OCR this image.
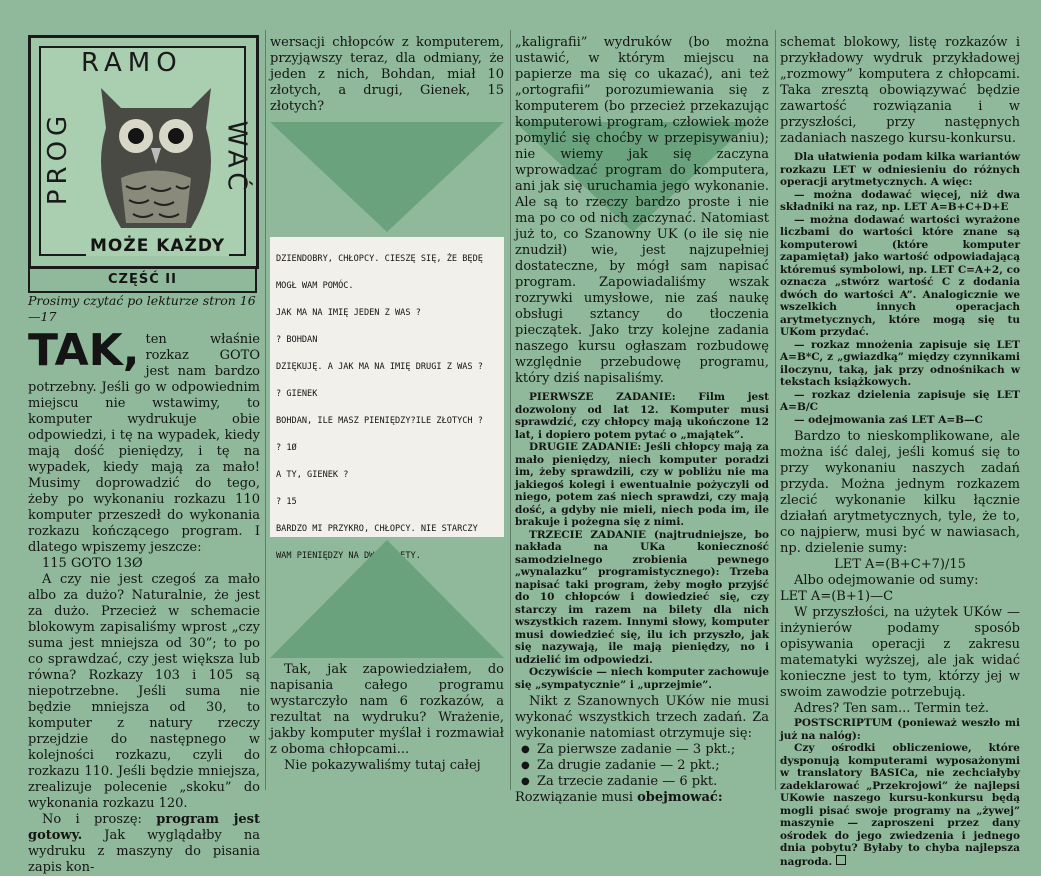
RAMO
PROG	WAĆ
MOŻE KAŻDY
CZĘŚĆ II
Prosimy czytać po lekturze stron 16—17

TAK, ten właśnie rozkaz GOTO jest nam bardzo potrzebny. Jeśli go w odpowiednim miejscu nie wstawimy, to komputer wydrukuje obie odpowiedzi, i tę na wypadek, kiedy mają dość pieniędzy, i tę na wypadek, kiedy mają za mało! Musimy doprowadzić do tego, żeby po wykonaniu rozkazu 110 komputer przeszedł do wykonania rozkazu kończącego program. I dlatego wpiszemy jeszcze:

115 GOTO 13Ø

A czy nie jest czegoś za mało albo za dużo? Naturalnie, że jest za dużo. Przecież w schemacie blokowym zapisaliśmy wprost „czy suma jest mniejsza od 30”; to po co sprawdzać, czy jest większa lub równa? Rozkazy 103 i 105 są niepotrzebne. Jeśli suma nie będzie mniejsza od 30, to komputer z natury rzeczy przejdzie do następnego w kolejności rozkazu, czyli do rozkazu 110. Jeśli będzie mniejsza, zrealizuje polecenie „skoku” do wykonania rozkazu 120.

No i proszę: program jest gotowy. Jak wyglądałby na wydruku z maszyny do pisania zapis kon-

wersacji chłopców z komputerem, przyjąwszy teraz, dla odmiany, że jeden z nich, Bohdan, miał 10 złotych, a drugi, Gienek, 15 złotych?

DZIENDOBRY, CHŁOPCY. CIESZĘ SIĘ, ŻE BĘDĘ
MOGŁ WAM POMÓC.
JAK MA NA IMIĘ JEDEN Z WAS ?
? BOHDAN
DZIĘKUJĘ. A JAK MA NA IMIĘ DRUGI Z WAS ?
? GIENEK
BOHDAN, ILE MASZ PIENIĘDZY?ILE ZŁOTYCH ?
? 1Ø
A TY, GIENEK ?
? 15
BARDZO MI PRZYKRO, CHŁOPCY. NIE STARCZY
WAM PIENIĘDZY NA DWA BILETY.

Tak, jak zapowiedziałem, do napisania całego programu wystarczyło nam 6 rozkazów, a rezultat na wydruku? Wrażenie, jakby komputer myślał i rozmawiał z oboma chłopcami...

Nie pokazywaliśmy tutaj całej

„kaligrafii” wydruków (bo można ustawić, w którym miejscu na papierze ma się co ukazać), ani też „ortografii” porozumiewania się z komputerem (bo przecież przekazując komputerowi program, człowiek może pomylić się choćby w przepisywaniu); nie wiemy jak się zaczyna wprowadzać program do komputera, ani jak się uruchamia jego wykonanie. Ale są to rzeczy bardzo proste i nie ma po co od nich zaczynać. Natomiast już to, co Szanowny UK (o ile się nie znudził) wie, jest najzupełniej dostateczne, by mógł sam napisać program. Zapowiadaliśmy wszak rozrywki umysłowe, nie zaś naukę obsługi sztancy do tłoczenia pieczątek. Jako trzy kolejne zadania naszego kursu ogłaszam rozbudowę względnie przebudowę programu, który dziś napisaliśmy.

PIERWSZE ZADANIE: Film jest dozwolony od lat 12. Komputer musi sprawdzić, czy chłopcy mają ukończone 12 lat, i dopiero potem pytać o „majątek”.

DRUGIE ZADANIE: Jeśli chłopcy mają za mało pieniędzy, niech komputer poradzi im, żeby sprawdzili, czy w pobliżu nie ma jakiegoś kolegi i ewentualnie pożyczyli od niego, potem zaś niech sprawdzi, czy mają dość, a gdyby nie mieli, niech poda im, ile brakuje i pożegna się z nimi.

TRZECIE ZADANIE (najtrudniejsze, bo nakłada na UKa konieczność samodzielnego zrobienia pewnego „wynalazku” programistycznego): Trzeba napisać taki program, żeby mogło przyjść do 10 chłopców i dowiedzieć się, czy starczy im razem na bilety dla nich wszystkich razem. Innymi słowy, komputer musi dowiedzieć się, ilu ich przyszło, jak się nazywają, ile mają pieniędzy, no i udzielić im odpowiedzi.

Oczywiście — niech komputer zachowuje się „sympatycznie” i „uprzejmie”.

Nikt z Szanownych UKów nie musi wykonać wszystkich trzech zadań. Za wykonanie natomiast otrzymuje się:

● Za pierwsze zadanie — 3 pkt.;
● Za drugie zadanie — 2 pkt.;
● Za trzecie zadanie — 6 pkt.

Rozwiązanie musi obejmować:

schemat blokowy, listę rozkazów i przykładowy wydruk przykładowej „rozmowy” komputera z chłopcami. Taka zresztą obowiązywać będzie zawartość rozwiązania i w przyszłości, przy następnych zadaniach naszego kursu-konkursu.

Dla ułatwienia podam kilka wariantów rozkazu LET w odniesieniu do różnych operacji arytmetycznych. A więc:

— można dodawać więcej, niż dwa składniki na raz, np. LET A=B+C+D+E

— można dodawać wartości wyrażone liczbami do wartości które znane są komputerowi (które komputer zapamiętał) jako wartość odpowiadającą któremuś symbolowi, np. LET C=A+2, co oznacza „stwórz wartość C z dodania dwóch do wartości A”. Analogicznie we wszelkich innych operacjach arytmetycznych, które mogą się tu UKom przydać.

— rozkaz mnożenia zapisuje się LET A=B*C, z „gwiazdką” między czynnikami iloczynu, taką, jak przy odnośnikach w tekstach książkowych.

— rozkaz dzielenia zapisuje się LET A=B/C

— odejmowania zaś LET A=B—C

Bardzo to nieskomplikowane, ale można iść dalej, jeśli komuś się to przy wykonaniu naszych zadań przyda. Można jednym rozkazem zlecić wykonanie kilku łącznie działań arytmetycznych, tyle, że to, co najpierw, musi być w nawiasach, np. dzielenie sumy:

LET A=(B+C+7)/15

Albo odejmowanie od sumy:

LET A=(B+1)—C

W przyszłości, na użytek UKów — inżynierów podamy sposób opisywania operacji z zakresu matematyki wyższej, ale jak widać konieczne jest to tym, którzy jej w swoim zawodzie potrzebują.

Adres? Ten sam... Termin też.

POSTSCRIPTUM (ponieważ weszło mi już na nalóg):

Czy ośrodki obliczeniowe, które dysponują komputerami wyposażonymi w translatory BASICa, nie zechciałyby zadeklarować „Przekrojowi” że najlepsi UKowie naszego kursu-konkursu będą mogli pisać swoje programy na „żywej” maszynie — zaproszeni przez dany ośrodek do jego zwiedzenia i jednego dnia pobytu? Byłaby to chyba najlepsza nagroda.
